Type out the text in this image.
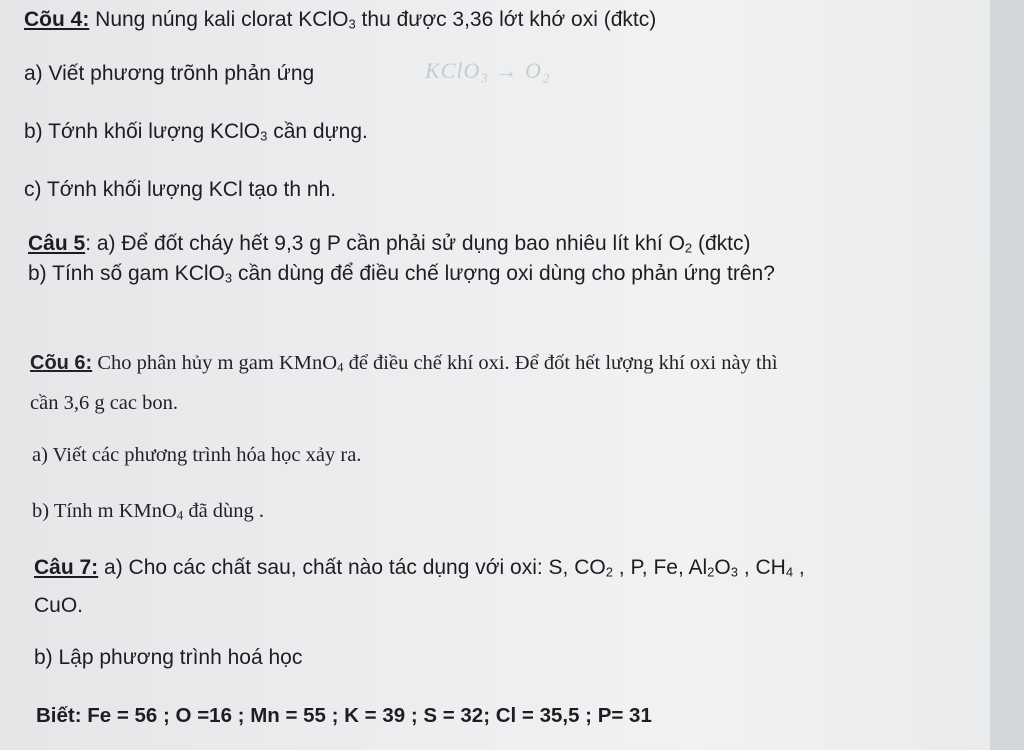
Cõu 4: Nung núng kali clorat KClO$_3$ thu được 3,36 lớt khớ oxi (đktc)
a) Viết phương trõnh phản ứng	KClO₃ → O₂
b) Tớnh khối lượng KClO$_3$ cần dựng.
c) Tớnh khối lượng KCl tạo th nh.
Câu 5: a) Để đốt cháy hết 9,3 g P cần phải sử dụng bao nhiêu lít khí $O_2$ (đktc)
b) Tính số gam KClO$_3$ cần dùng để điều chế lượng oxi dùng cho phản ứng trên?
Cõu 6: Cho phân hủy m gam KMnO$_4$ để điều chế khí oxi. Để đốt hết lượng khí oxi này thì
cần 3,6 g cac bon.
a) Viết các phương trình hóa học xảy ra.
b) Tính m KMnO$_4$ đã dùng .
Câu 7: a) Cho các chất sau, chất nào tác dụng với oxi: S, $CO_2$ , P, Fe, $Al_2O_3$ , $CH_4$ ,
CuO.
b) Lập phương trình hoá học
Biết: Fe = 56 ; O =16 ; Mn = 55 ; K = 39 ; S = 32; Cl = 35,5 ; P= 31
